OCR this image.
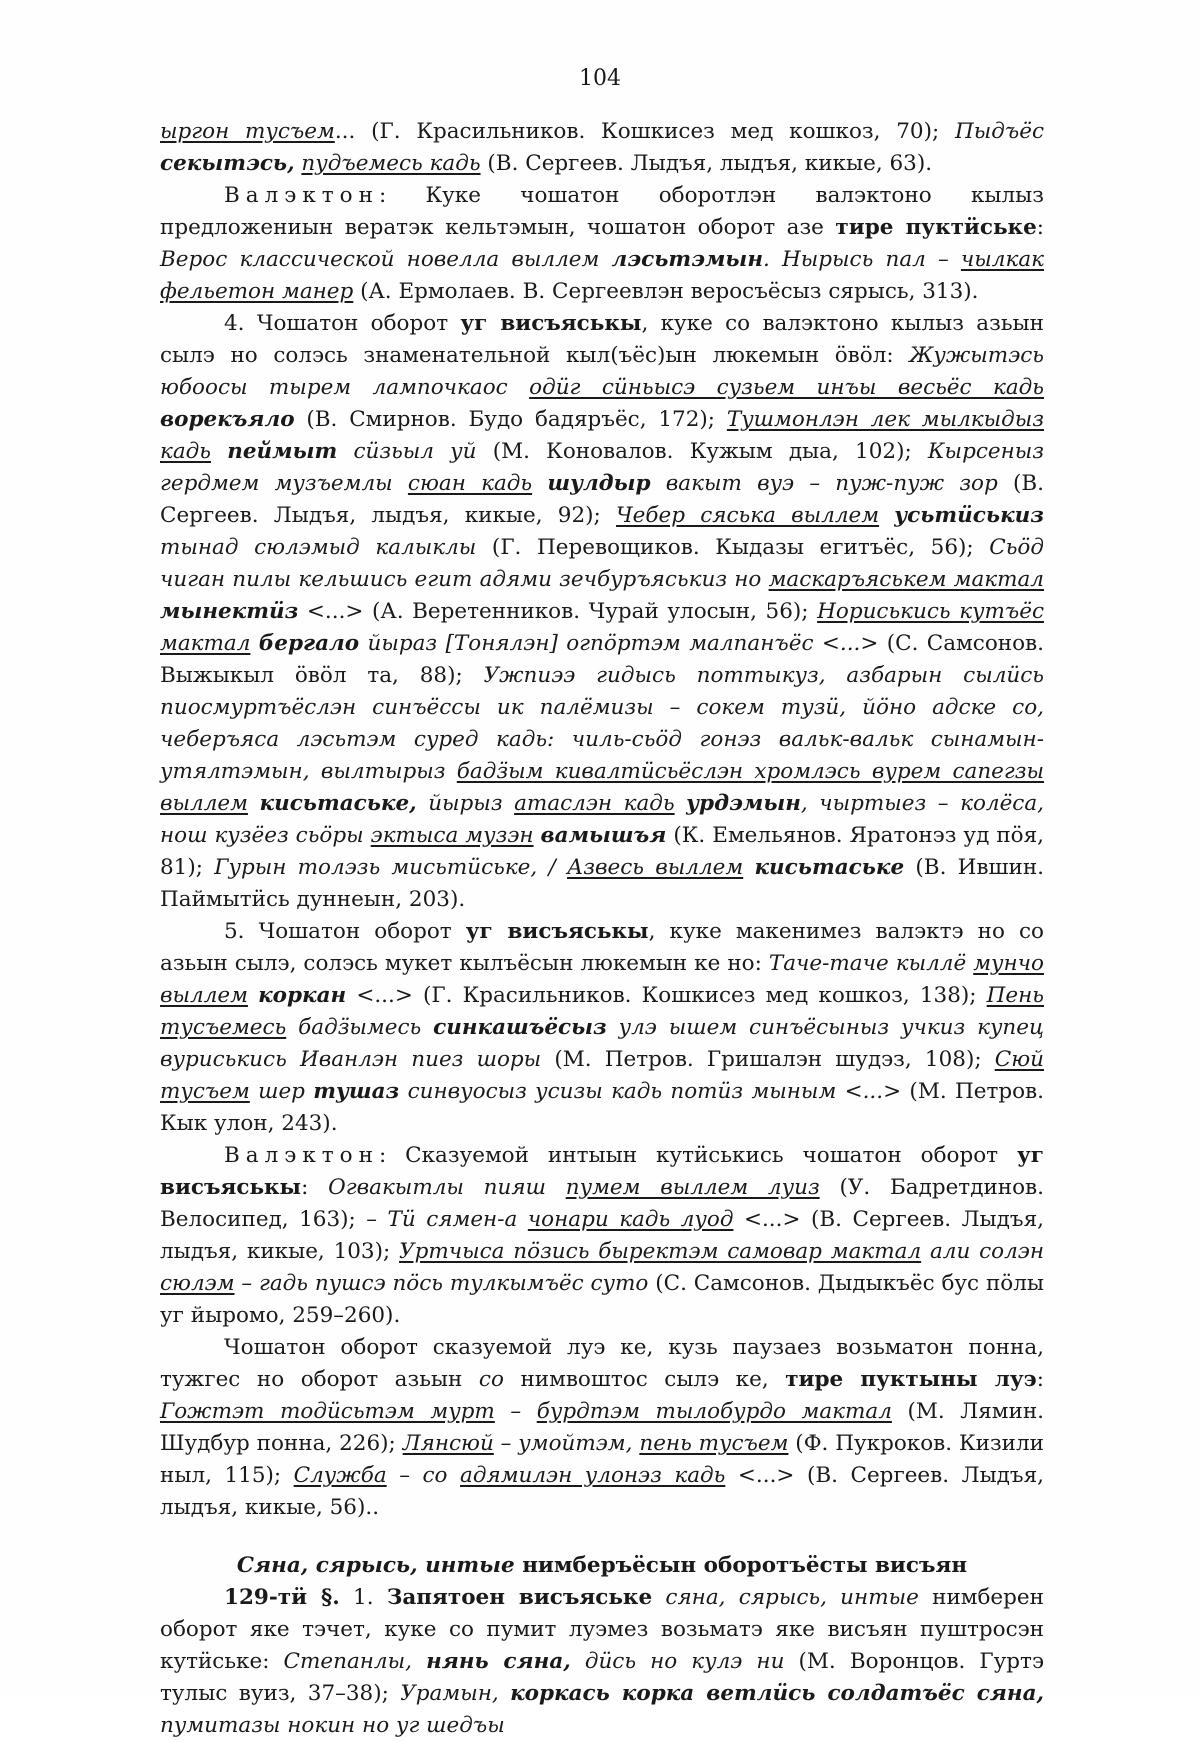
104

ыргон тусъем... (Г. Красильников. Кошкисез мед кошкоз, 70); Пыдъёс секытэсь, пудъемесь кадь (В. Сергеев. Лыдъя, лыдъя, кикые, 63).

Валэктон: Куке чошатон оборотлэн валэктоно кылыз предложениын вератэк кельтэмын, чошатон оборот азе тире пуктӥське: Верос классической новелла выллем лэсьтэмын. Нырысь пал – чылкак фельетон манер (А. Ермолаев. В. Сергеевлэн веросъёсыз сярысь, 313).

4. Чошатон оборот уг висъяськы, куке со валэктоно кылыз азьын сылэ но солэсь знаменательной кыл(ъёс)ын люкемын ӧвӧл: Жужытэсь юбоосы тырем лампочкаос одӥг сӥньысэ сузьем инъы весьёс кадь ворекъяло (В. Смирнов. Будо бадяръёс, 172); Тушмонлэн лек мылкыдыз кадь пеймыт сӥзьыл уй (М. Коновалов. Кужым дыа, 102); Кырсеныз гердмем музъемлы сюан кадь шулдыр вакыт вуэ – пуж-пуж зор (В. Сергеев. Лыдъя, лыдъя, кикые, 92); Чебер сяська выллем усьтӥськиз тынад сюлэмыд калыклы (Г. Перевощиков. Кыдазы егитъёс, 56); Сьӧд чиган пилы кельшись егит адями зечбуръяськиз но маскаръяськем мактал мынектӥз <...> (А. Веретенников. Чурай улосын, 56); Нориськись кутъёс мактал бергало йыраз [Тонялэн] огпӧртэм малпанъёс <...> (С. Самсонов. Выжыкыл ӧвӧл та, 88); Ужпиээ гидысь поттыкуз, азбарын сылӥсь пиосмуртъёслэн синъёссы ик палёмизы – сокем тузӥ, йӧно адске со, чеберъяса лэсьтэм суред кадь: чиль-сьӧд гонэз вальк-вальк сынамын-утялтэмын, вылтырыз бадӟым кивалтӥсьёслэн хромлэсь вурем сапегзы выллем кисьтаське, йырыз атаслэн кадь урдэмын, чыртыез – колёса, нош кузёез сьӧры эктыса музэн вамышъя (К. Емельянов. Яратонэз уд пӧя, 81); Гурын толэзь мисьтӥське, / Азвесь выллем кисьтаське (В. Ившин. Паймытӥсь дуннеын, 203).

5. Чошатон оборот уг висъяськы, куке макенимез валэктэ но со азьын сылэ, солэсь мукет кылъёсын люкемын ке но: Таче-таче кыллё мунчо выллем коркан <...> (Г. Красильников. Кошкисез мед кошкоз, 138); Пень тусъемесь бадӟымесь синкашъёсыз улэ ышем синъёсыныз учкиз купец вуриськись Иванлэн пиез шоры (М. Петров. Гришалэн шудэз, 108); Сюй тусъем шер тушаз синвуосыз усизы кадь потӥз мыным <...> (М. Петров. Кык улон, 243).

Валэктон: Сказуемой интыын кутӥськись чошатон оборот уг висъяськы: Огвакытлы пияш пумем выллем луиз (У. Бадретдинов. Велосипед, 163); – Тӥ сямен-а чонари кадь луод <...> (В. Сергеев. Лыдъя, лыдъя, кикые, 103); Уртчыса пӧзись быректэм самовар мактал али солэн сюлэм – гадь пушсэ пӧсь тулкымъёс суто (С. Самсонов. Дыдыкъёс бус пӧлы уг йыромо, 259–260).

Чошатон оборот сказуемой луэ ке, кузь паузаез возьматон понна, тужгес но оборот азьын со нимвоштос сылэ ке, тире пуктыны луэ: Гожтэт тодӥсьтэм мурт – бурдтэм тылобурдо мактал (М. Лямин. Шудбур понна, 226); Лянсюй – умойтэм, пень тусъем (Ф. Пукроков. Кизили ныл, 115); Служба – со адямилэн улонэз кадь <...> (В. Сергеев. Лыдъя, лыдъя, кикые, 56)..

Сяна, сярысь, интые нимберъёсын оборотъёсты висъян

129-тӥ §. 1. Запятоен висъяське сяна, сярысь, интые нимберен оборот яке тэчет, куке со пумит луэмез возьматэ яке висъян пуштросэн кутӥське: Степанлы, нянь сяна, дӥсь но кулэ ни (М. Воронцов. Гуртэ тулыс вуиз, 37–38); Урамын, коркась корка ветлӥсь солдатъёс сяна, пумитазы нокин но уг шедъы
